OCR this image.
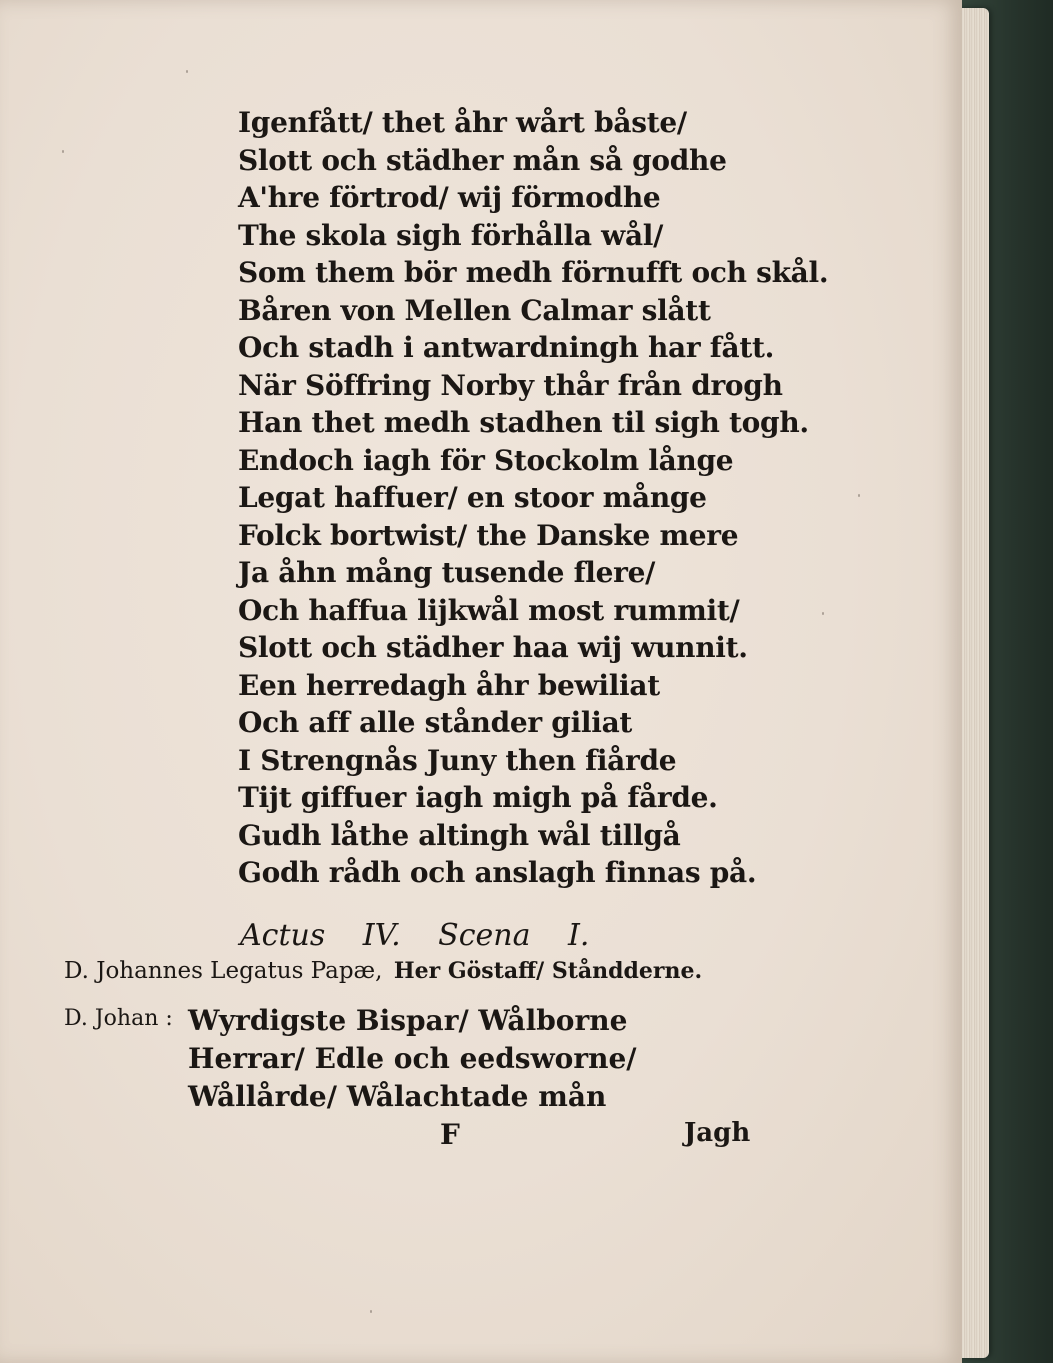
Igenfått/ thet åhr wårt båste/
Slott och städher mån så godhe
A'hre förtrod/ wij förmodhe
The skola sigh förhålla wål/
Som them bör medh förnufft och skål.
Båren von Mellen Calmar slått
Och stadh i antwardningh har fått.
När Söffring Norby thår från drogh
Han thet medh stadhen til sigh togh.
Endoch iagh för Stockolm långe
Legat haffuer/ en stoor månge
Folck bortwist/ the Danske mere
Ja åhn mång tusende flere/
Och haffua lijkwål most rummit/
Slott och städher haa wij wunnit.
Een herredagh åhr bewiliat
Och aff alle stånder giliat
I Strengnås Juny then fiårde
Tijt giffuer iagh migh på fårde.
Gudh låthe altingh wål tillgå
Godh rådh och anslagh finnas på.
Actus IV. Scena I.
D. Johannes Legatus Papæ, Her Göstaff/ Ståndderne.
D. Johan : Wyrdigste Bispar/ Wålborne
Herrar/ Edle och eedsworne/
Wållårde/ Wålachtade mån
F	Jagh
